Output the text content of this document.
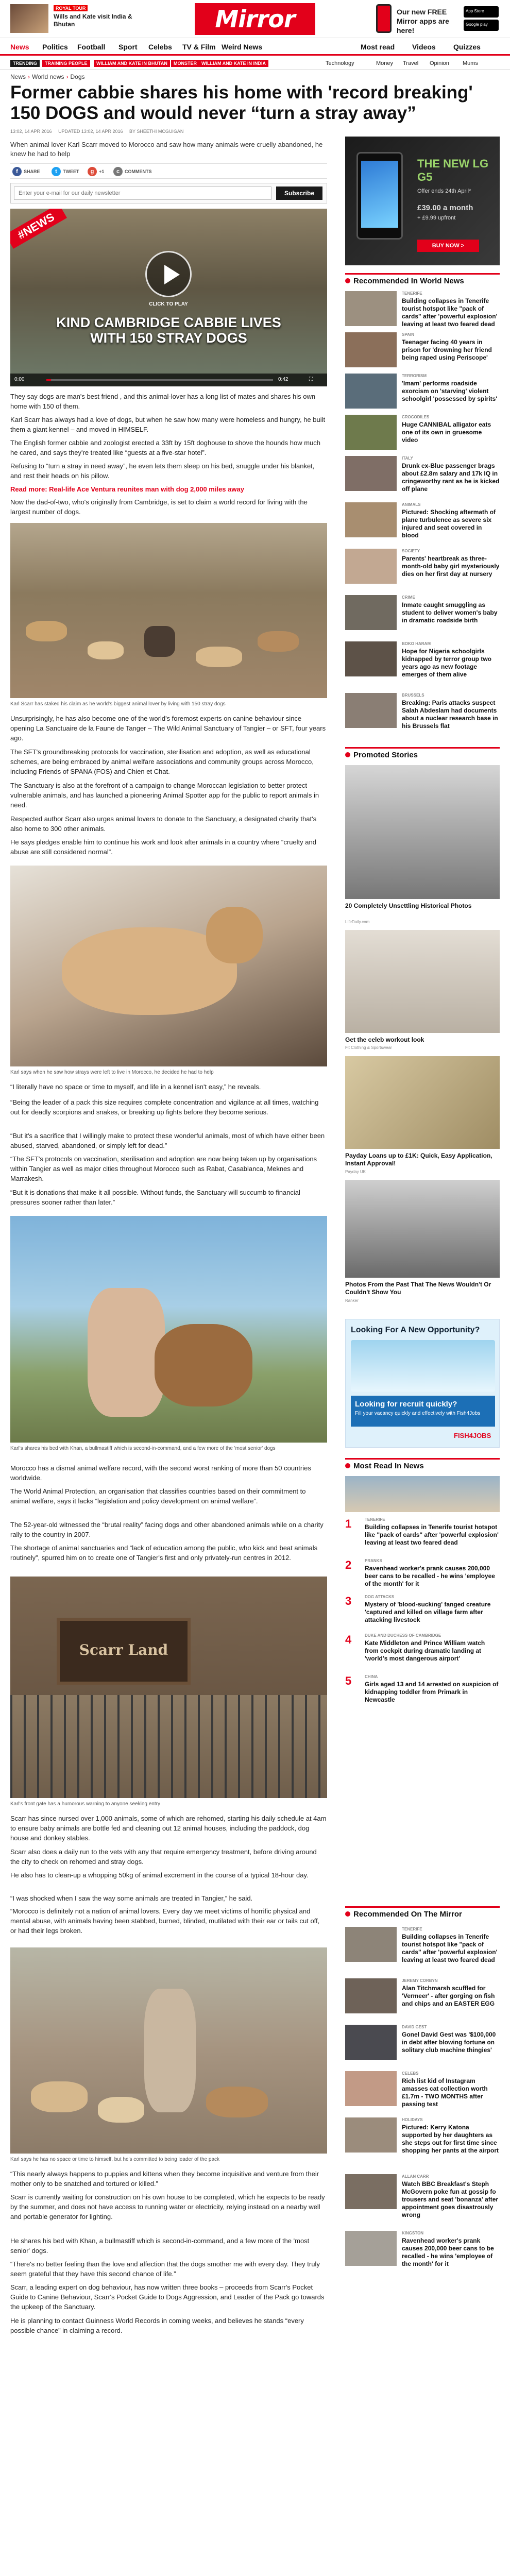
ROYAL TOUR
Wills and Kate visit India & Bhutan	Mirror	Our new FREE Mirror apps are here!
App Store
Google play
News Politics Football Sport Celebs TV & Film Weird News	Most read Videos Quizzes
TRENDING	TRAINING PEOPLE	WILLIAM AND KATE IN BHUTAN	MONSTER	WILLIAM AND KATE IN INDIA	Technology	Money Travel Opinion Mums
News › World news › Dogs
Former cabbie shares his home with 'record breaking' 150 DOGS and would never “turn a stray away”
13:02, 14 APR 2016 UPDATED 13:02, 14 APR 2016 BY SHEETHI MCGUIGAN

When animal lover Karl Scarr moved to Morocco and saw how many animals were cruelly abandoned, he knew he had to help

f	SHARE	t	TWEET	g	+1	c	COMMENTS
Enter your e-mail for our daily newsletter
Subscribe
#NEWS
CLICK TO PLAY
KIND CAMBRIDGE CABBIE LIVES
WITH 150 STRAY DOGS
0:00	0:42	⛶

They say dogs are man's best friend , and this animal-lover has a long list of mates and shares his own home with 150 of them.

Karl Scarr has always had a love of dogs, but when he saw how many were homeless and hungry, he built them a giant kennel – and moved in HIMSELF.

The English former cabbie and zoologist erected a 33ft by 15ft doghouse to shove the hounds how much he cared, and says they're treated like “guests at a five-star hotel”.

Refusing to “turn a stray in need away”, he even lets them sleep on his bed, snuggle under his blanket, and rest their heads on his pillow.

Read more: Real-life Ace Ventura reunites man with dog 2,000 miles away

Now the dad-of-two, who's originally from Cambridge, is set to claim a world record for living with the largest number of dogs.

Karl Scarr has staked his claim as he world's biggest animal lover by living with 150 stray dogs

Unsurprisingly, he has also become one of the world's foremost experts on canine behaviour since opening La Sanctuaire de la Faune de Tanger – The Wild Animal Sanctuary of Tangier – or SFT, four years ago.

The SFT's groundbreaking protocols for vaccination, sterilisation and adoption, as well as educational schemes, are being embraced by animal welfare associations and community groups across Morocco, including Friends of SPANA (FOS) and Chien et Chat.

The Sanctuary is also at the forefront of a campaign to change Moroccan legislation to better protect vulnerable animals, and has launched a pioneering Animal Spotter app for the public to report animals in need.

Respected author Scarr also urges animal lovers to donate to the Sanctuary, a designated charity that's also home to 300 other animals.

He says pledges enable him to continue his work and look after animals in a country where “cruelty and abuse are still considered normal”.

Karl says when he saw how strays were left to live in Morocco, he decided he had to help

“I literally have no space or time to myself, and life in a kennel isn't easy,” he reveals.

“Being the leader of a pack this size requires complete concentration and vigilance at all times, watching out for deadly scorpions and snakes, or breaking up fights before they become serious.

“But it's a sacrifice that I willingly make to protect these wonderful animals, most of which have either been abused, starved, abandoned, or simply left for dead.”

“The SFT's protocols on vaccination, sterilisation and adoption are now being taken up by organisations within Tangier as well as major cities throughout Morocco such as Rabat, Casablanca, Meknes and Marrakesh.

“But it is donations that make it all possible. Without funds, the Sanctuary will succumb to financial pressures sooner rather than later.”

Karl's shares his bed with Khan, a bullmastiff which is second-in-command, and a few more of the 'most senior' dogs

Morocco has a dismal animal welfare record, with the second worst ranking of more than 50 countries worldwide.

The World Animal Protection, an organisation that classifies countries based on their commitment to animal welfare, says it lacks “legislation and policy development on animal welfare”.

The 52-year-old witnessed the “brutal reality” facing dogs and other abandoned animals while on a charity rally to the country in 2007.

The shortage of animal sanctuaries and “lack of education among the public, who kick and beat animals routinely”, spurred him on to create one of Tangier's first and only privately-run centres in 2012.

Scarr Land

Karl's front gate has a humorous warning to anyone seeking entry

Scarr has since nursed over 1,000 animals, some of which are rehomed, starting his daily schedule at 4am to ensure baby animals are bottle fed and cleaning out 12 animal houses, including the paddock, dog house and donkey stables.

Scarr also does a daily run to the vets with any that require emergency treatment, before driving around the city to check on rehomed and stray dogs.

He also has to clean-up a whopping 50kg of animal excrement in the course of a typical 18-hour day.

“I was shocked when I saw the way some animals are treated in Tangier,” he said.

“Morocco is definitely not a nation of animal lovers. Every day we meet victims of horrific physical and mental abuse, with animals having been stabbed, burned, blinded, mutilated with their ear or tails cut off, or had their legs broken.

Karl says he has no space or time to himself, but he's committed to being leader of the pack

“This nearly always happens to puppies and kittens when they become inquisitive and venture from their mother only to be snatched and tortured or killed.”

Scarr is currently waiting for construction on his own house to be completed, which he expects to be ready by the summer, and does not have access to running water or electricity, relying instead on a nearby well and portable generator for lighting.

He shares his bed with Khan, a bullmastiff which is second-in-command, and a few more of the 'most senior' dogs.

“There's no better feeling than the love and affection that the dogs smother me with every day. They truly seem grateful that they have this second chance of life.”

Scarr, a leading expert on dog behaviour, has now written three books – proceeds from Scarr's Pocket Guide to Canine Behaviour, Scarr's Pocket Guide to Dogs Aggression, and Leader of the Pack go towards the upkeep of the Sanctuary.

He is planning to contact Guinness World Records in coming weeks, and believes he stands “every possible chance” in claiming a record.

THE NEW LG G5
Offer ends 24th April*
£39.00 a month
+ £9.99 upfront
BUY NOW >
Recommended In World News
TENERIFE
Building collapses in Tenerife tourist hotspot like "pack of cards" after 'powerful explosion' leaving at least two feared dead
SPAIN
Teenager facing 40 years in prison for 'drowning her friend being raped using Periscope'
TERRORISM
'Imam' performs roadside exorcism on 'starving' violent schoolgirl 'possessed by spirits'
CROCODILES
Huge CANNIBAL alligator eats one of its own in gruesome video
ITALY
Drunk ex-Blue passenger brags about £2.8m salary and 17k IQ in cringeworthy rant as he is kicked off plane
ANIMALS
Pictured: Shocking aftermath of plane turbulence as severe six injured and seat covered in blood
SOCIETY
Parents' heartbreak as three-month-old baby girl mysteriously dies on her first day at nursery
CRIME
Inmate caught smuggling as student to deliver women's baby in dramatic roadside birth
BOKO HARAM
Hope for Nigeria schoolgirls kidnapped by terror group two years ago as new footage emerges of them alive
BRUSSELS
Breaking: Paris attacks suspect Salah Abdeslam had documents about a nuclear research base in his Brussels flat
Promoted Stories
20 Completely Unsettling Historical Photos
LifeDaily.com
Get the celeb workout look
Fit Clothing & Sportswear
Payday Loans up to £1K: Quick, Easy Application, Instant Approval!
Payday UK
Photos From the Past That The News Wouldn't Or Couldn't Show You
Ranker
Looking For A New Opportunity?
Looking for recruit quickly?
Fill your vacancy quickly and effectively with Fish4Jobs
FISH4JOBS
Most Read In News
1	TENERIFE
Building collapses in Tenerife tourist hotspot like "pack of cards" after 'powerful explosion' leaving at least two feared dead
2	PRANKS
Ravenhead worker's prank causes 200,000 beer cans to be recalled - he wins 'employee of the month' for it
3	DOG ATTACKS
Mystery of 'blood-sucking' fanged creature 'captured and killed on village farm after attacking livestock
4	DUKE AND DUCHESS OF CAMBRIDGE
Kate Middleton and Prince William watch from cockpit during dramatic landing at 'world's most dangerous airport'
5	CHINA
Girls aged 13 and 14 arrested on suspicion of kidnapping toddler from Primark in Newcastle
Recommended On The Mirror
TENERIFE
Building collapses in Tenerife tourist hotspot like "pack of cards" after 'powerful explosion' leaving at least two feared dead
JEREMY CORBYN
Alan Titchmarsh scuffled for 'Vermeer' - after gorging on fish and chips and an EASTER EGG
DAVID GEST
Gonel David Gest was '$100,000 in debt after blowing fortune on solitary club machine thingies'
CELEBS
Rich list kid of Instagram amasses cat collection worth £1.7m - TWO MONTHS after passing test
HOLIDAYS
Pictured: Kerry Katona supported by her daughters as she steps out for first time since shopping her pants at the airport
ALLAN CARR
Watch BBC Breakfast's Steph McGovern poke fun at gossip fo trousers and seat 'bonanza' after appointment goes disastrously wrong
KINGSTON
Ravenhead worker's prank causes 200,000 beer cans to be recalled - he wins 'employee of the month' for it
